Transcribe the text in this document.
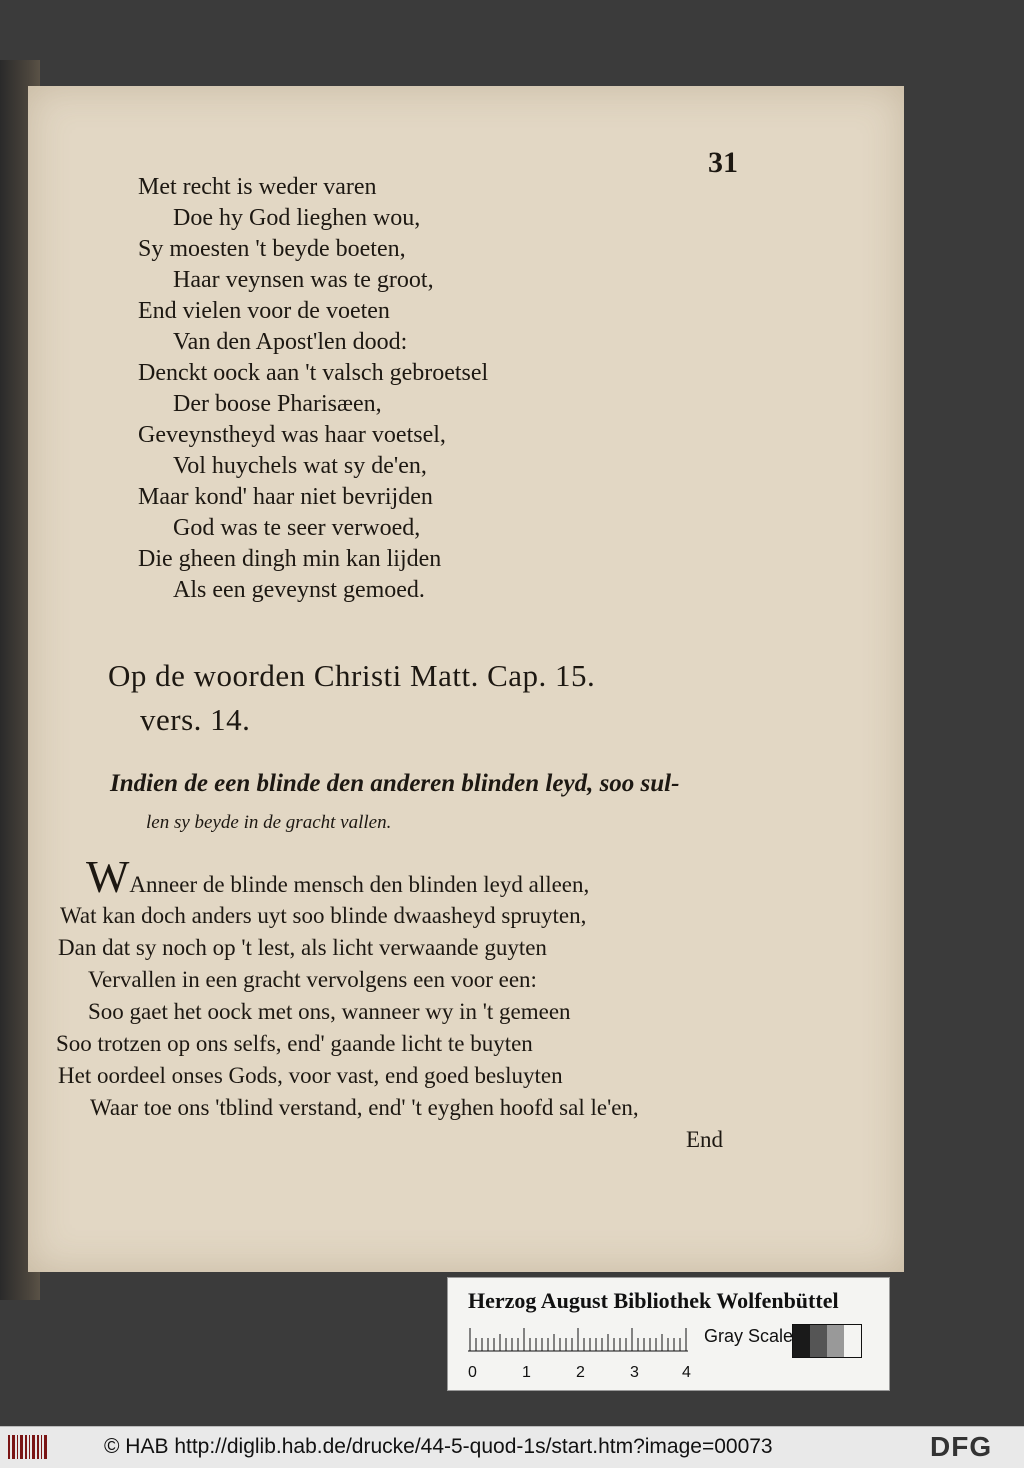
31
Met recht is weder varen
Doe hy God lieghen wou,
Sy moesten 't beyde boeten,
Haar veynsen was te groot,
End vielen voor de voeten
Van den Apost'len dood:
Denckt oock aan 't valsch gebroetsel
Der boose Pharisæen,
Geveynstheyd was haar voetsel,
Vol huychels wat sy de'en,
Maar kond' haar niet bevrijden
God was te seer verwoed,
Die gheen dingh min kan lijden
Als een geveynst gemoed.
Op de woorden Christi Matt. Cap. 15.
vers. 14.
Indien de een blinde den anderen blinden leyd, soo sul-
len sy beyde in de gracht vallen.
WAnneer de blinde mensch den blinden leyd alleen,
Wat kan doch anders uyt soo blinde dwaasheyd spruyten,
Dan dat sy noch op 't lest, als licht verwaande guyten
Vervallen in een gracht vervolgens een voor een:
Soo gaet het oock met ons, wanneer wy in 't gemeen
Soo trotzen op ons selfs, end' gaande licht te buyten
Het oordeel onses Gods, voor vast, end goed besluyten
Waar toe ons 'tblind verstand, end' 't eyghen hoofd sal le'en,
End
Herzog August Bibliothek Wolfenbüttel
0	1	2	3	4
Gray Scale
© HAB http://diglib.hab.de/drucke/44-5-quod-1s/start.htm?image=00073	DFG
